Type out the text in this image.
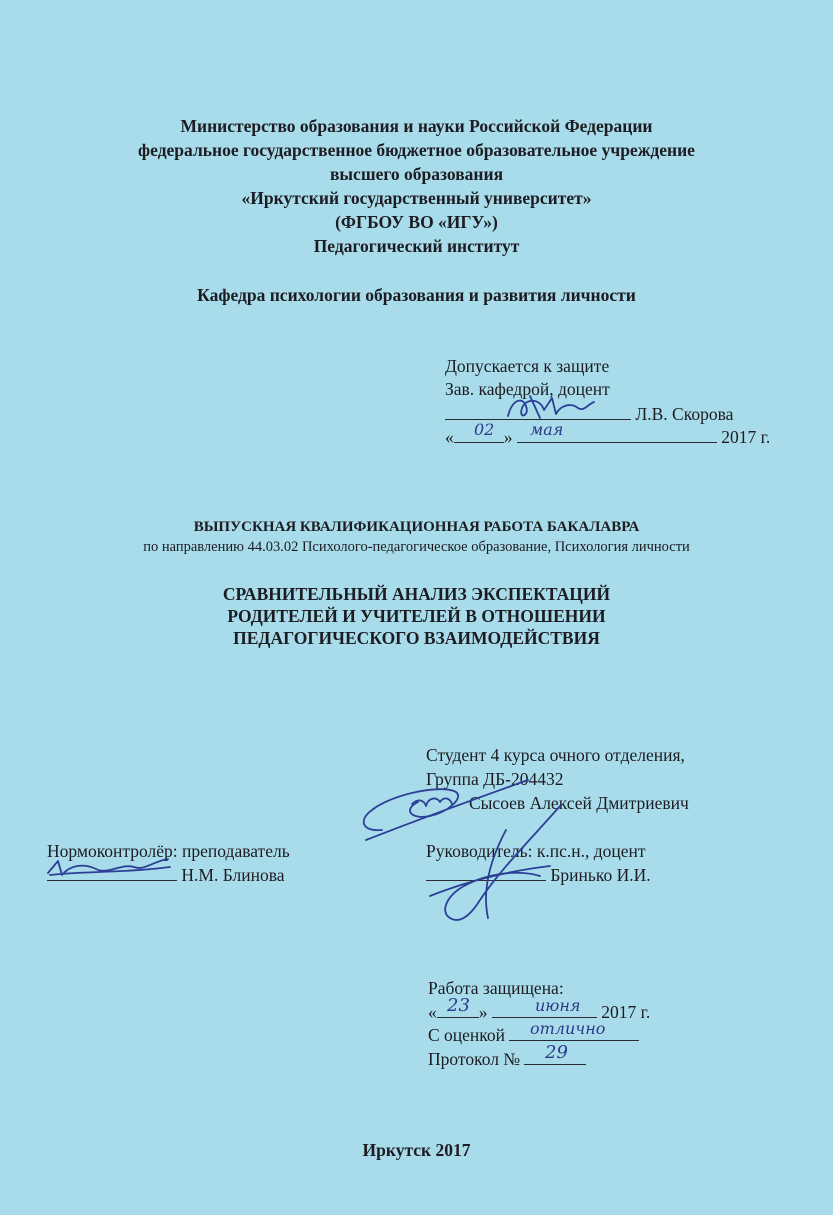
Министерство образования и науки Российской Федерации
федеральное государственное бюджетное образовательное учреждение
высшего образования
«Иркутский государственный университет»
(ФГБОУ ВО «ИГУ»)
Педагогический институт
Кафедра психологии образования и развития личности
Допускается к защите
Зав. кафедрой, доцент
Л.В. Скорова
«	»	2017 г.
02 мая
ВЫПУСКНАЯ КВАЛИФИКАЦИОННАЯ РАБОТА БАКАЛАВРА
по направлению 44.03.02 Психолого-педагогическое образование, Психология личности
СРАВНИТЕЛЬНЫЙ АНАЛИЗ ЭКСПЕКТАЦИЙ
РОДИТЕЛЕЙ И УЧИТЕЛЕЙ В ОТНОШЕНИИ
ПЕДАГОГИЧЕСКОГО ВЗАИМОДЕЙСТВИЯ
Студент 4 курса очного отделения,
Группа ДБ-204432
Сысоев Алексей Дмитриевич
Нормоконтролёр: преподаватель
Н.М. Блинова
Руководитель: к.пс.н., доцент
Бринько И.И.
Работа защищена:
« »	2017 г.
23	июня
С оценкой	отлично
Протокол №	29
Иркутск 2017
